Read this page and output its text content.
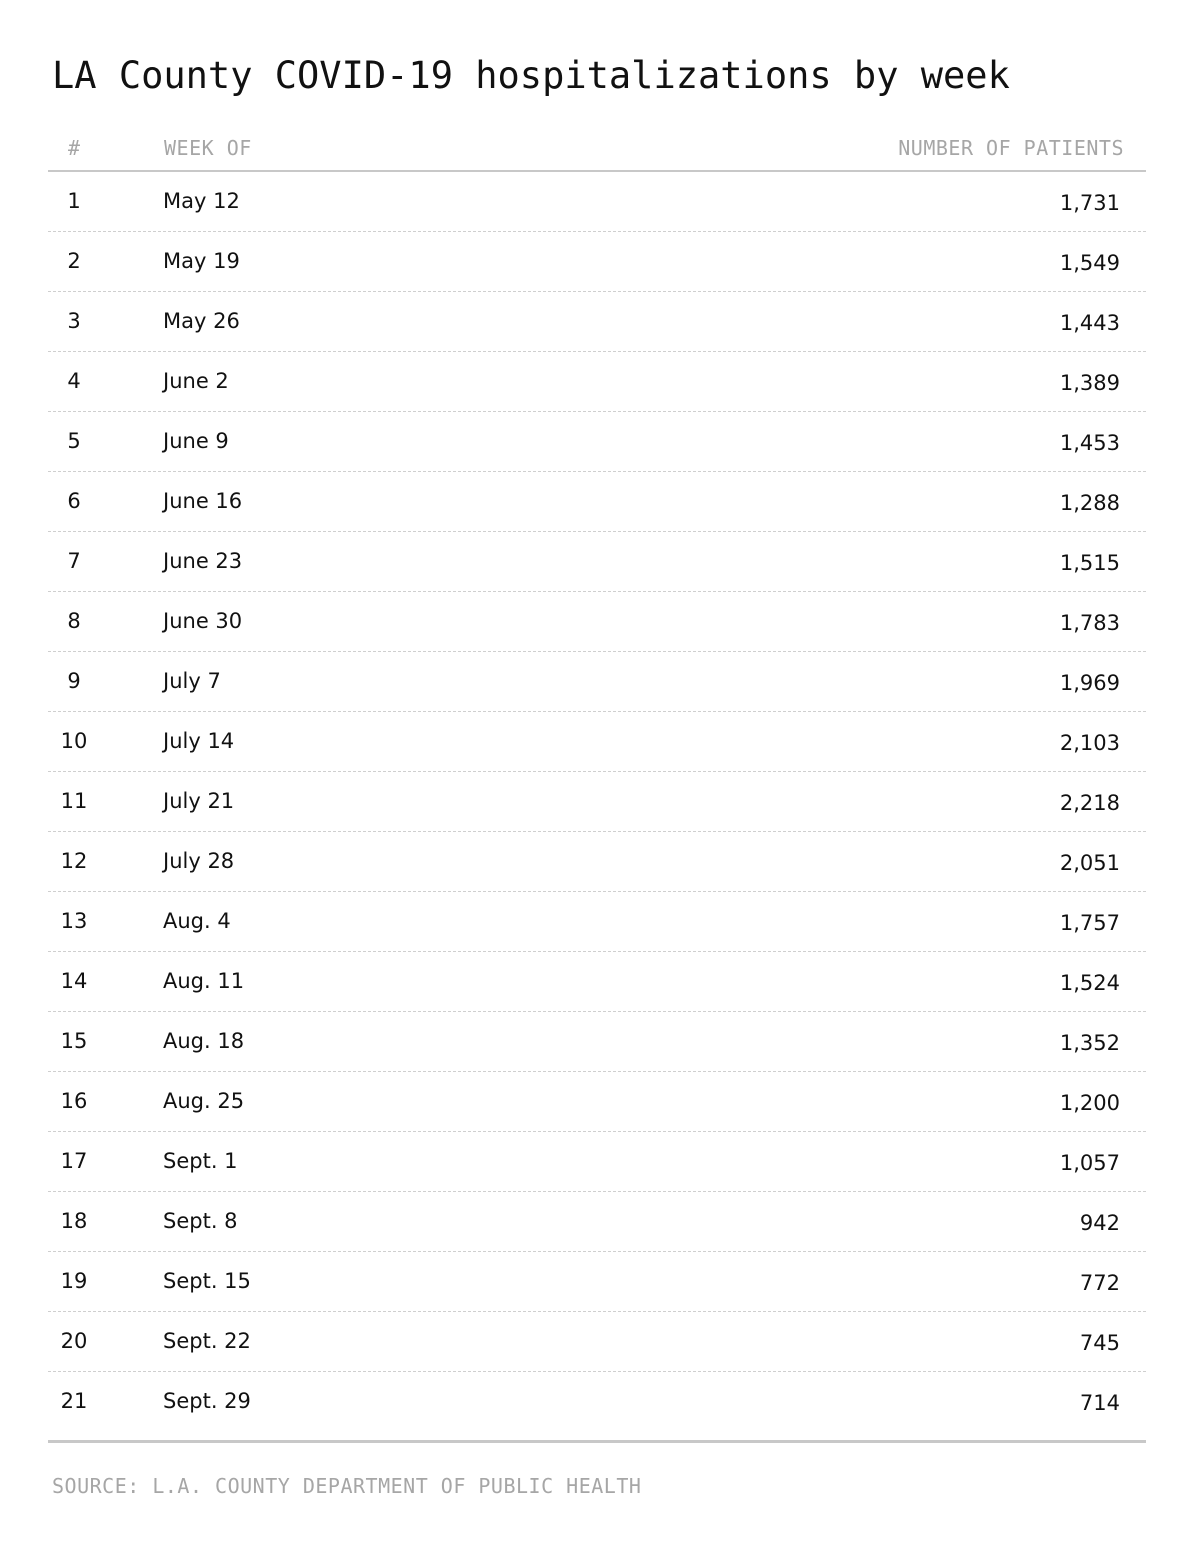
LA County COVID-19 hospitalizations by week
#	WEEK OF	NUMBER OF PATIENTS
1	May 12	1,731
2	May 19	1,549
3	May 26	1,443
4	June 2	1,389
5	June 9	1,453
6	June 16	1,288
7	June 23	1,515
8	June 30	1,783
9	July 7	1,969
10	July 14	2,103
11	July 21	2,218
12	July 28	2,051
13	Aug. 4	1,757
14	Aug. 11	1,524
15	Aug. 18	1,352
16	Aug. 25	1,200
17	Sept. 1	1,057
18	Sept. 8	942
19	Sept. 15	772
20	Sept. 22	745
21	Sept. 29	714
SOURCE: L.A. COUNTY DEPARTMENT OF PUBLIC HEALTH
